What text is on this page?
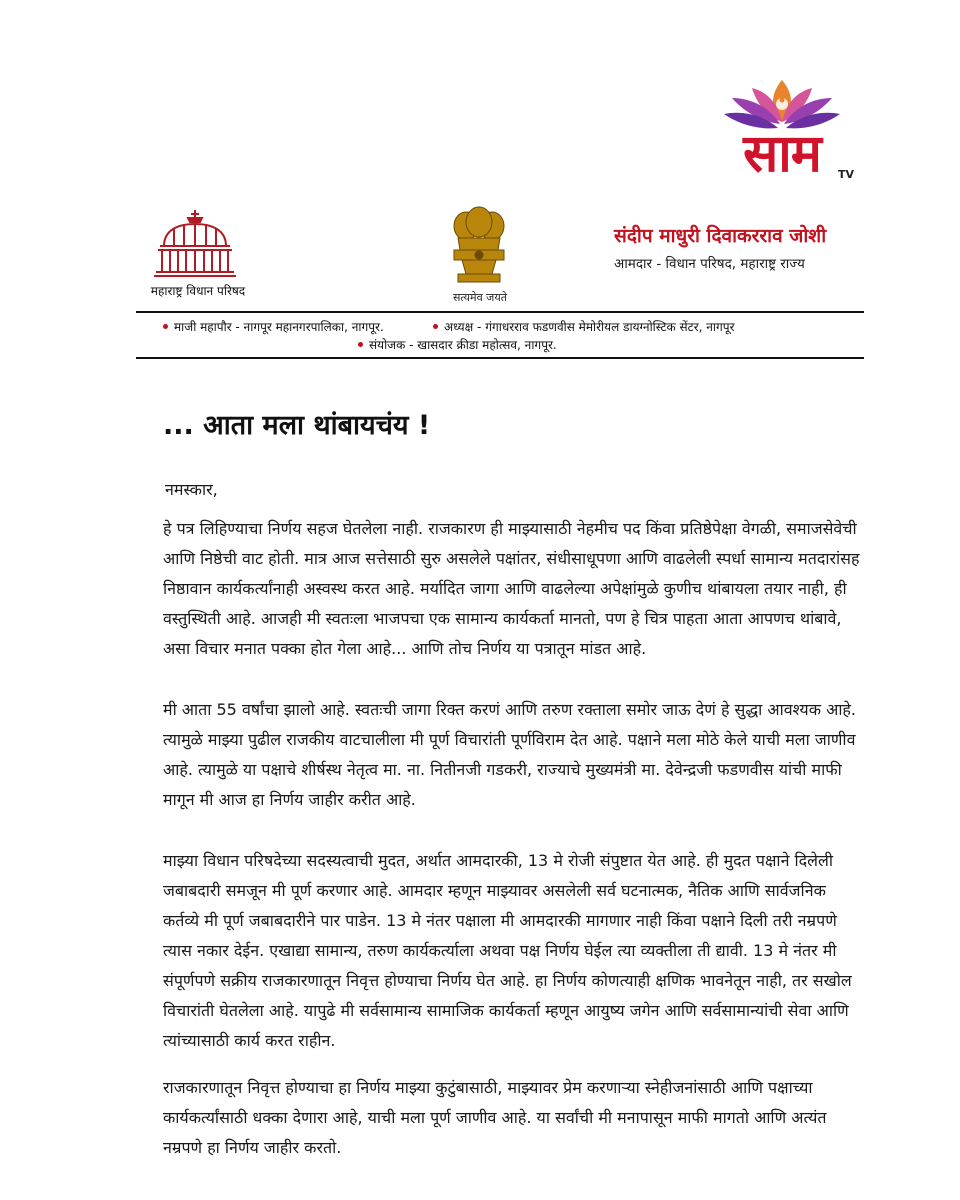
साम	TV
महाराष्ट्र विधान परिषद	सत्यमेव जयते
संदीप माधुरी दिवाकरराव जोशी
आमदार - विधान परिषद, महाराष्ट्र राज्य
माजी महापौर - नागपूर महानगरपालिका, नागपूर.	अध्यक्ष - गंगाधरराव फडणवीस मेमोरीयल डायग्नोस्टिक सेंटर, नागपूर
संयोजक - खासदार क्रीडा महोत्सव, नागपूर.
... आता मला थांबायचंय !
नमस्कार,

हे पत्र लिहिण्याचा निर्णय सहज घेतलेला नाही. राजकारण ही माझ्यासाठी नेहमीच पद किंवा प्रतिष्ठेपेक्षा वेगळी, समाजसेवेची आणि निष्ठेची वाट होती. मात्र आज सत्तेसाठी सुरु असलेले पक्षांतर, संधीसाधूपणा आणि वाढलेली स्पर्धा सामान्य मतदारांसह निष्ठावान कार्यकर्त्यांनाही अस्वस्थ करत आहे. मर्यादित जागा आणि वाढलेल्या अपेक्षांमुळे कुणीच थांबायला तयार नाही, ही वस्तुस्थिती आहे. आजही मी स्वतःला भाजपचा एक सामान्य कार्यकर्ता मानतो, पण हे चित्र पाहता आता आपणच थांबावे, असा विचार मनात पक्का होत गेला आहे... आणि तोच निर्णय या पत्रातून मांडत आहे.

मी आता 55 वर्षांचा झालो आहे. स्वतःची जागा रिक्त करणं आणि तरुण रक्ताला समोर जाऊ देणं हे सुद्धा आवश्यक आहे. त्यामुळे माझ्या पुढील राजकीय वाटचालीला मी पूर्ण विचारांती पूर्णविराम देत आहे. पक्षाने मला मोठे केले याची मला जाणीव आहे. त्यामुळे या पक्षाचे शीर्षस्थ नेतृत्व मा. ना. नितीनजी गडकरी, राज्याचे मुख्यमंत्री मा. देवेन्द्रजी फडणवीस यांची माफी मागून मी आज हा निर्णय जाहीर करीत आहे.

माझ्या विधान परिषदेच्या सदस्यत्वाची मुदत, अर्थात आमदारकी, 13 मे रोजी संपुष्टात येत आहे. ही मुदत पक्षाने दिलेली जबाबदारी समजून मी पूर्ण करणार आहे. आमदार म्हणून माझ्यावर असलेली सर्व घटनात्मक, नैतिक आणि सार्वजनिक कर्तव्ये मी पूर्ण जबाबदारीने पार पाडेन. 13 मे नंतर पक्षाला मी आमदारकी मागणार नाही किंवा पक्षाने दिली तरी नम्रपणे त्यास नकार देईन. एखाद्या सामान्य, तरुण कार्यकर्त्याला अथवा पक्ष निर्णय घेईल त्या व्यक्तीला ती द्यावी. 13 मे नंतर मी संपूर्णपणे सक्रीय राजकारणातून निवृत्त होण्याचा निर्णय घेत आहे. हा निर्णय कोणत्याही क्षणिक भावनेतून नाही, तर सखोल विचारांती घेतलेला आहे. यापुढे मी सर्वसामान्य सामाजिक कार्यकर्ता म्हणून आयुष्य जगेन आणि सर्वसामान्यांची सेवा आणि त्यांच्यासाठी कार्य करत राहीन.

राजकारणातून निवृत्त होण्याचा हा निर्णय माझ्या कुटुंबासाठी, माझ्यावर प्रेम करणाऱ्या स्नेहीजनांसाठी आणि पक्षाच्या कार्यकर्त्यांसाठी धक्का देणारा आहे, याची मला पूर्ण जाणीव आहे. या सर्वांची मी मनापासून माफी मागतो आणि अत्यंत नम्रपणे हा निर्णय जाहीर करतो.
